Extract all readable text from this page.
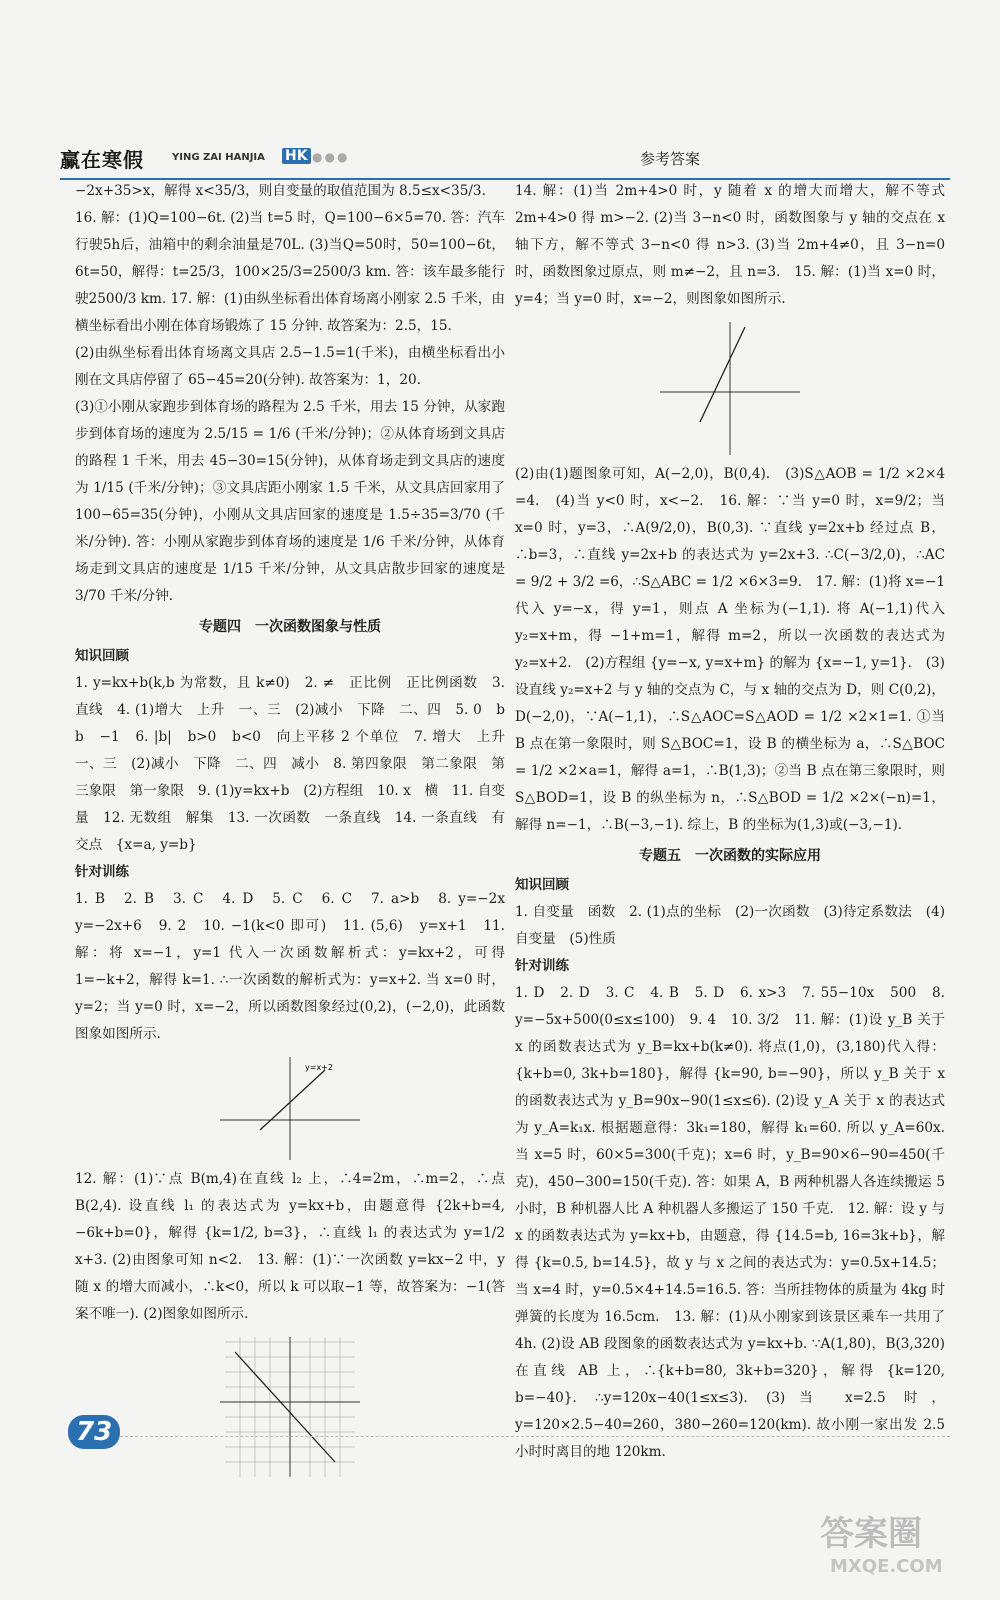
赢在寒假	YING ZAI HANJIA HK ●●●	参考答案

−2x+35>x，解得 x<35/3，则自变量的取值范围为 8.5≤x<35/3.

16. 解：(1)Q=100−6t. (2)当 t=5 时，Q=100−6×5=70. 答：汽车行驶5h后，油箱中的剩余油量是70L. (3)当Q=50时，50=100−6t，6t=50，解得：t=25/3，100×25/3=2500/3 km. 答：该车最多能行驶2500/3 km. 17. 解：(1)由纵坐标看出体育场离小刚家 2.5 千米，由横坐标看出小刚在体育场锻炼了 15 分钟. 故答案为：2.5，15.

(2)由纵坐标看出体育场离文具店 2.5−1.5=1(千米)，由横坐标看出小刚在文具店停留了 65−45=20(分钟). 故答案为：1，20.

(3)①小刚从家跑步到体育场的路程为 2.5 千米，用去 15 分钟，从家跑步到体育场的速度为 2.5/15 = 1/6 (千米/分钟)；②从体育场到文具店的路程 1 千米，用去 45−30=15(分钟)，从体育场走到文具店的速度为 1/15 (千米/分钟)；③文具店距小刚家 1.5 千米，从文具店回家用了 100−65=35(分钟)，小刚从文具店回家的速度是 1.5÷35=3/70 (千米/分钟). 答：小刚从家跑步到体育场的速度是 1/6 千米/分钟，从体育场走到文具店的速度是 1/15 千米/分钟，从文具店散步回家的速度是 3/70 千米/分钟.

专题四　一次函数图象与性质
知识回顾

1. y=kx+b(k,b 为常数，且 k≠0)　2. ≠　正比例　正比例函数　3. 直线　4. (1)增大　上升　一、三　(2)减小　下降　二、四　5. 0　b　b　−1　6. |b|　b>0　b<0　向上平移 2 个单位　7. 增大　上升　一、三　(2)减小　下降　二、四　减小　8. 第四象限　第二象限　第三象限　第一象限　9. (1)y=kx+b　(2)方程组　10. x　横　11. 自变量　12. 无数组　解集　13. 一次函数　一条直线　14. 一条直线　有交点　{x=a, y=b}

针对训练

1. B　2. B　3. C　4. D　5. C　6. C　7. a>b　8. y=−2x　y=−2x+6　9. 2　10. −1(k<0 即可)　11. (5,6)　y=x+1　11. 解：将 x=−1，y=1 代入一次函数解析式：y=kx+2，可得 1=−k+2，解得 k=1. ∴一次函数的解析式为：y=x+2. 当 x=0 时，y=2；当 y=0 时，x=−2，所以函数图象经过(0,2)，(−2,0)，此函数图象如图所示.

y=x+2

12. 解：(1)∵点 B(m,4)在直线 l₂ 上，∴4=2m，∴m=2，∴点 B(2,4). 设直线 l₁ 的表达式为 y=kx+b，由题意得 {2k+b=4, −6k+b=0}，解得 {k=1/2, b=3}，∴直线 l₁ 的表达式为 y=1/2 x+3. (2)由图象可知 n<2.　13. 解：(1)∵一次函数 y=kx−2 中，y 随 x 的增大而减小，∴k<0，所以 k 可以取−1 等，故答案为：−1(答案不唯一). (2)图象如图所示.

14. 解：(1)当 2m+4>0 时，y 随着 x 的增大而增大，解不等式 2m+4>0 得 m>−2. (2)当 3−n<0 时，函数图象与 y 轴的交点在 x 轴下方，解不等式 3−n<0 得 n>3. (3)当 2m+4≠0，且 3−n=0 时，函数图象过原点，则 m≠−2，且 n=3.　15. 解：(1)当 x=0 时，y=4；当 y=0 时，x=−2，则图象如图所示.

(2)由(1)题图象可知，A(−2,0)，B(0,4).　(3)S△AOB = 1/2 ×2×4 =4.　(4)当 y<0 时，x<−2.　16. 解：∵当 y=0 时，x=9/2；当 x=0 时，y=3，∴A(9/2,0)，B(0,3). ∵直线 y=2x+b 经过点 B，∴b=3，∴直线 y=2x+b 的表达式为 y=2x+3. ∴C(−3/2,0)，∴AC = 9/2 + 3/2 =6，∴S△ABC = 1/2 ×6×3=9.　17. 解：(1)将 x=−1 代入 y=−x，得 y=1，则点 A 坐标为(−1,1). 将 A(−1,1)代入 y₂=x+m，得 −1+m=1，解得 m=2，所以一次函数的表达式为 y₂=x+2.　(2)方程组 {y=−x, y=x+m} 的解为 {x=−1, y=1}.　(3)设直线 y₂=x+2 与 y 轴的交点为 C，与 x 轴的交点为 D，则 C(0,2)，D(−2,0)，∵A(−1,1)，∴S△AOC=S△AOD = 1/2 ×2×1=1. ①当 B 点在第一象限时，则 S△BOC=1，设 B 的横坐标为 a，∴S△BOC = 1/2 ×2×a=1，解得 a=1，∴B(1,3)；②当 B 点在第三象限时，则 S△BOD=1，设 B 的纵坐标为 n，∴S△BOD = 1/2 ×2×(−n)=1，解得 n=−1，∴B(−3,−1). 综上，B 的坐标为(1,3)或(−3,−1).

专题五　一次函数的实际应用
知识回顾

1. 自变量　函数　2. (1)点的坐标　(2)一次函数　(3)待定系数法　(4)自变量　(5)性质

针对训练

1. D　2. D　3. C　4. B　5. D　6. x>3　7. 55−10x　500　8. y=−5x+500(0≤x≤100)　9. 4　10. 3/2　11. 解：(1)设 y_B 关于 x 的函数表达式为 y_B=kx+b(k≠0). 将点(1,0)，(3,180)代入得：{k+b=0, 3k+b=180}，解得 {k=90, b=−90}，所以 y_B 关于 x 的函数表达式为 y_B=90x−90(1≤x≤6). (2)设 y_A 关于 x 的表达式为 y_A=k₁x. 根据题意得：3k₁=180，解得 k₁=60. 所以 y_A=60x. 当 x=5 时，60×5=300(千克)；x=6 时，y_B=90×6−90=450(千克)，450−300=150(千克). 答：如果 A，B 两种机器人各连续搬运 5 小时，B 种机器人比 A 种机器人多搬运了 150 千克.　12. 解：设 y 与 x 的函数表达式为 y=kx+b，由题意，得 {14.5=b, 16=3k+b}，解得 {k=0.5, b=14.5}，故 y 与 x 之间的表达式为：y=0.5x+14.5；当 x=4 时，y=0.5×4+14.5=16.5. 答：当所挂物体的质量为 4kg 时弹簧的长度为 16.5cm.　13. 解：(1)从小刚家到该景区乘车一共用了 4h. (2)设 AB 段图象的函数表达式为 y=kx+b. ∵A(1,80)，B(3,320)在直线 AB 上，∴{k+b=80, 3k+b=320}，解得 {k=120, b=−40}. ∴y=120x−40(1≤x≤3). (3)当 x=2.5 时，y=120×2.5−40=260，380−260=120(km). 故小刚一家出发 2.5 小时时离目的地 120km.

73
答案圈
MXQE.COM
